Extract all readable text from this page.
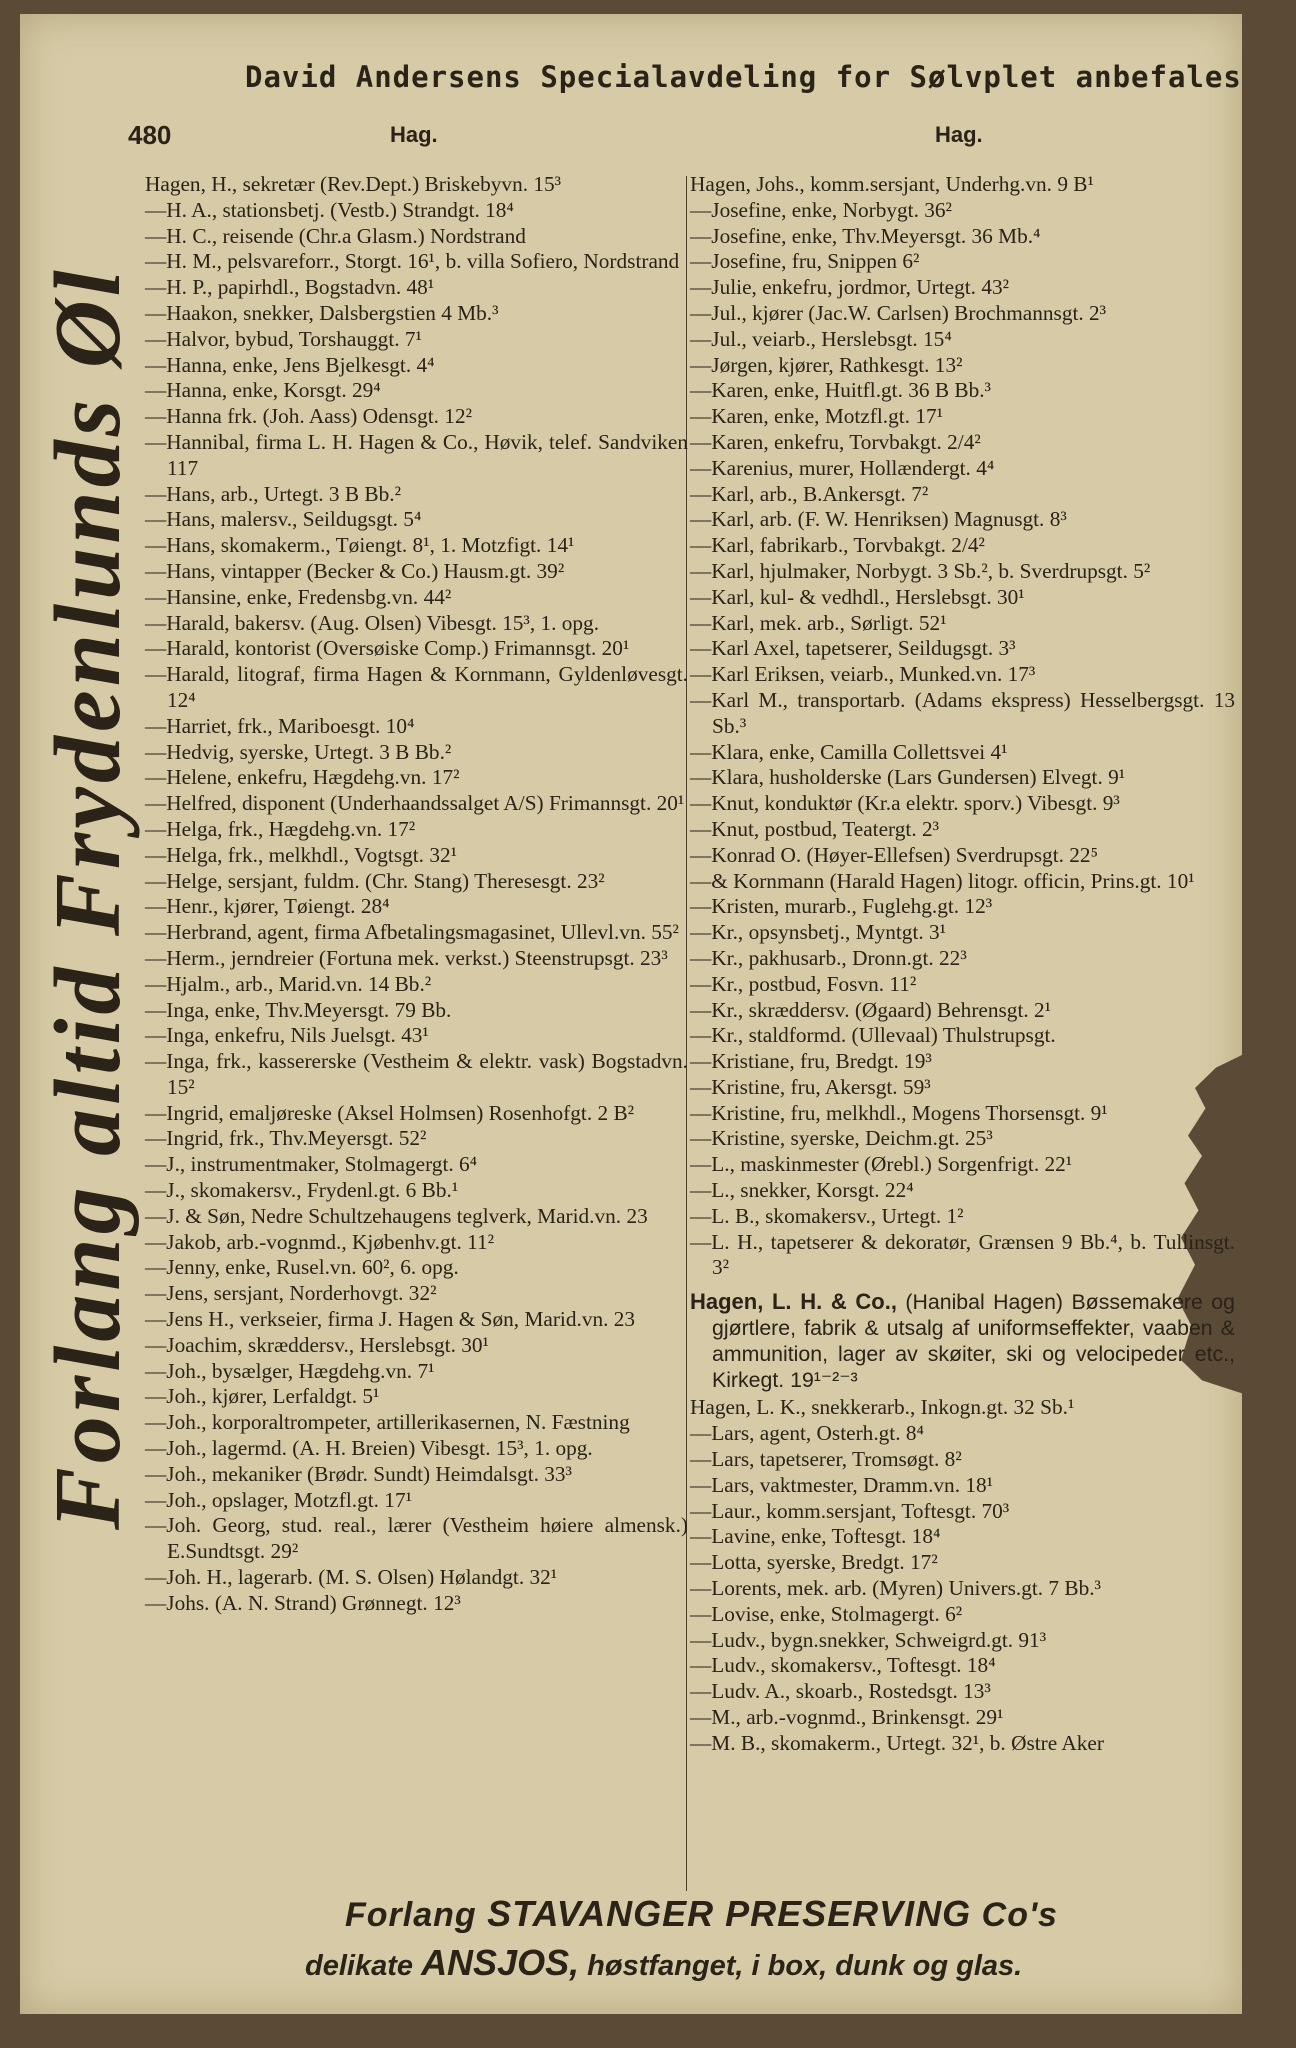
David Andersens Specialavdeling for Sølvplet anbefales
480	Hag.	Hag.
Forlang altid Frydenlunds Øl
Hagen, H., sekretær (Rev.Dept.) Briskebyvn. 15³
—H. A., stationsbetj. (Vestb.) Strandgt. 18⁴
—H. C., reisende (Chr.a Glasm.) Nordstrand
—H. M., pelsvareforr., Storgt. 16¹, b. villa Sofiero, Nordstrand
—H. P., papirhdl., Bogstadvn. 48¹
—Haakon, snekker, Dalsbergstien 4 Mb.³
—Halvor, bybud, Torshauggt. 7¹
—Hanna, enke, Jens Bjelkesgt. 4⁴
—Hanna, enke, Korsgt. 29⁴
—Hanna frk. (Joh. Aass) Odensgt. 12²
—Hannibal, firma L. H. Hagen & Co., Høvik, telef. Sandviken 117
—Hans, arb., Urtegt. 3 B Bb.²
—Hans, malersv., Seildugsgt. 5⁴
—Hans, skomakerm., Tøiengt. 8¹, 1. Motzfigt. 14¹
—Hans, vintapper (Becker & Co.) Hausm.gt. 39²
—Hansine, enke, Fredensbg.vn. 44²
—Harald, bakersv. (Aug. Olsen) Vibesgt. 15³, 1. opg.
—Harald, kontorist (Oversøiske Comp.) Frimannsgt. 20¹
—Harald, litograf, firma Hagen & Kornmann, Gyldenløvesgt. 12⁴
—Harriet, frk., Mariboesgt. 10⁴
—Hedvig, syerske, Urtegt. 3 B Bb.²
—Helene, enkefru, Hægdehg.vn. 17²
—Helfred, disponent (Underhaandssalget A/S) Frimannsgt. 20¹
—Helga, frk., Hægdehg.vn. 17²
—Helga, frk., melkhdl., Vogtsgt. 32¹
—Helge, sersjant, fuldm. (Chr. Stang) Theresesgt. 23²
—Henr., kjører, Tøiengt. 28⁴
—Herbrand, agent, firma Afbetalingsmagasinet, Ullevl.vn. 55²
—Herm., jerndreier (Fortuna mek. verkst.) Steenstrupsgt. 23³
—Hjalm., arb., Marid.vn. 14 Bb.²
—Inga, enke, Thv.Meyersgt. 79 Bb.
—Inga, enkefru, Nils Juelsgt. 43¹
—Inga, frk., kassererske (Vestheim & elektr. vask) Bogstadvn. 15²
—Ingrid, emaljøreske (Aksel Holmsen) Rosenhofgt. 2 B²
—Ingrid, frk., Thv.Meyersgt. 52²
—J., instrumentmaker, Stolmagergt. 6⁴
—J., skomakersv., Frydenl.gt. 6 Bb.¹
—J. & Søn, Nedre Schultzehaugens teglverk, Marid.vn. 23
—Jakob, arb.-vognmd., Kjøbenhv.gt. 11²
—Jenny, enke, Rusel.vn. 60², 6. opg.
—Jens, sersjant, Norderhovgt. 32²
—Jens H., verkseier, firma J. Hagen & Søn, Marid.vn. 23
—Joachim, skræddersv., Herslebsgt. 30¹
—Joh., bysælger, Hægdehg.vn. 7¹
—Joh., kjører, Lerfaldgt. 5¹
—Joh., korporaltrompeter, artillerikasernen, N. Fæstning
—Joh., lagermd. (A. H. Breien) Vibesgt. 15³, 1. opg.
—Joh., mekaniker (Brødr. Sundt) Heimdalsgt. 33³
—Joh., opslager, Motzfl.gt. 17¹
—Joh. Georg, stud. real., lærer (Vestheim høiere almensk.) E.Sundtsgt. 29²
—Joh. H., lagerarb. (M. S. Olsen) Hølandgt. 32¹
—Johs. (A. N. Strand) Grønnegt. 12³
Hagen, Johs., komm.sersjant, Underhg.vn. 9 B¹
—Josefine, enke, Norbygt. 36²
—Josefine, enke, Thv.Meyersgt. 36 Mb.⁴
—Josefine, fru, Snippen 6²
—Julie, enkefru, jordmor, Urtegt. 43²
—Jul., kjører (Jac.W. Carlsen) Brochmannsgt. 2³
—Jul., veiarb., Herslebsgt. 15⁴
—Jørgen, kjører, Rathkesgt. 13²
—Karen, enke, Huitfl.gt. 36 B Bb.³
—Karen, enke, Motzfl.gt. 17¹
—Karen, enkefru, Torvbakgt. 2/4²
—Karenius, murer, Hollændergt. 4⁴
—Karl, arb., B.Ankersgt. 7²
—Karl, arb. (F. W. Henriksen) Magnusgt. 8³
—Karl, fabrikarb., Torvbakgt. 2/4²
—Karl, hjulmaker, Norbygt. 3 Sb.², b. Sverdrupsgt. 5²
—Karl, kul- & vedhdl., Herslebsgt. 30¹
—Karl, mek. arb., Sørligt. 52¹
—Karl Axel, tapetserer, Seildugsgt. 3³
—Karl Eriksen, veiarb., Munked.vn. 17³
—Karl M., transportarb. (Adams ekspress) Hesselbergsgt. 13 Sb.³
—Klara, enke, Camilla Collettsvei 4¹
—Klara, husholderske (Lars Gundersen) Elvegt. 9¹
—Knut, konduktør (Kr.a elektr. sporv.) Vibesgt. 9³
—Knut, postbud, Teatergt. 2³
—Konrad O. (Høyer-Ellefsen) Sverdrupsgt. 22⁵
—& Kornmann (Harald Hagen) litogr. officin, Prins.gt. 10¹
—Kristen, murarb., Fuglehg.gt. 12³
—Kr., opsynsbetj., Myntgt. 3¹
—Kr., pakhusarb., Dronn.gt. 22³
—Kr., postbud, Fosvn. 11²
—Kr., skræddersv. (Øgaard) Behrensgt. 2¹
—Kr., staldformd. (Ullevaal) Thulstrupsgt.
—Kristiane, fru, Bredgt. 19³
—Kristine, fru, Akersgt. 59³
—Kristine, fru, melkhdl., Mogens Thorsensgt. 9¹
—Kristine, syerske, Deichm.gt. 25³
—L., maskinmester (Ørebl.) Sorgenfrigt. 22¹
—L., snekker, Korsgt. 22⁴
—L. B., skomakersv., Urtegt. 1²
—L. H., tapetserer & dekoratør, Grænsen 9 Bb.⁴, b. Tullinsgt. 3²
Hagen, L. H. & Co., (Hanibal Hagen) Bøssemakere og gjørtlere, fabrik & utsalg af uniformseffekter, vaaben & ammunition, lager av skøiter, ski og velocipeder etc., Kirkegt. 19¹⁻²⁻³
Hagen, L. K., snekkerarb., Inkogn.gt. 32 Sb.¹
—Lars, agent, Osterh.gt. 8⁴
—Lars, tapetserer, Tromsøgt. 8²
—Lars, vaktmester, Dramm.vn. 18¹
—Laur., komm.sersjant, Toftesgt. 70³
—Lavine, enke, Toftesgt. 18⁴
—Lotta, syerske, Bredgt. 17²
—Lorents, mek. arb. (Myren) Univers.gt. 7 Bb.³
—Lovise, enke, Stolmagergt. 6²
—Ludv., bygn.snekker, Schweigrd.gt. 91³
—Ludv., skomakersv., Toftesgt. 18⁴
—Ludv. A., skoarb., Rostedsgt. 13³
—M., arb.-vognmd., Brinkensgt. 29¹
—M. B., skomakerm., Urtegt. 32¹, b. Østre Aker
Forlang STAVANGER PRESERVING Co's
delikate ANSJOS, høstfanget, i box, dunk og glas.
